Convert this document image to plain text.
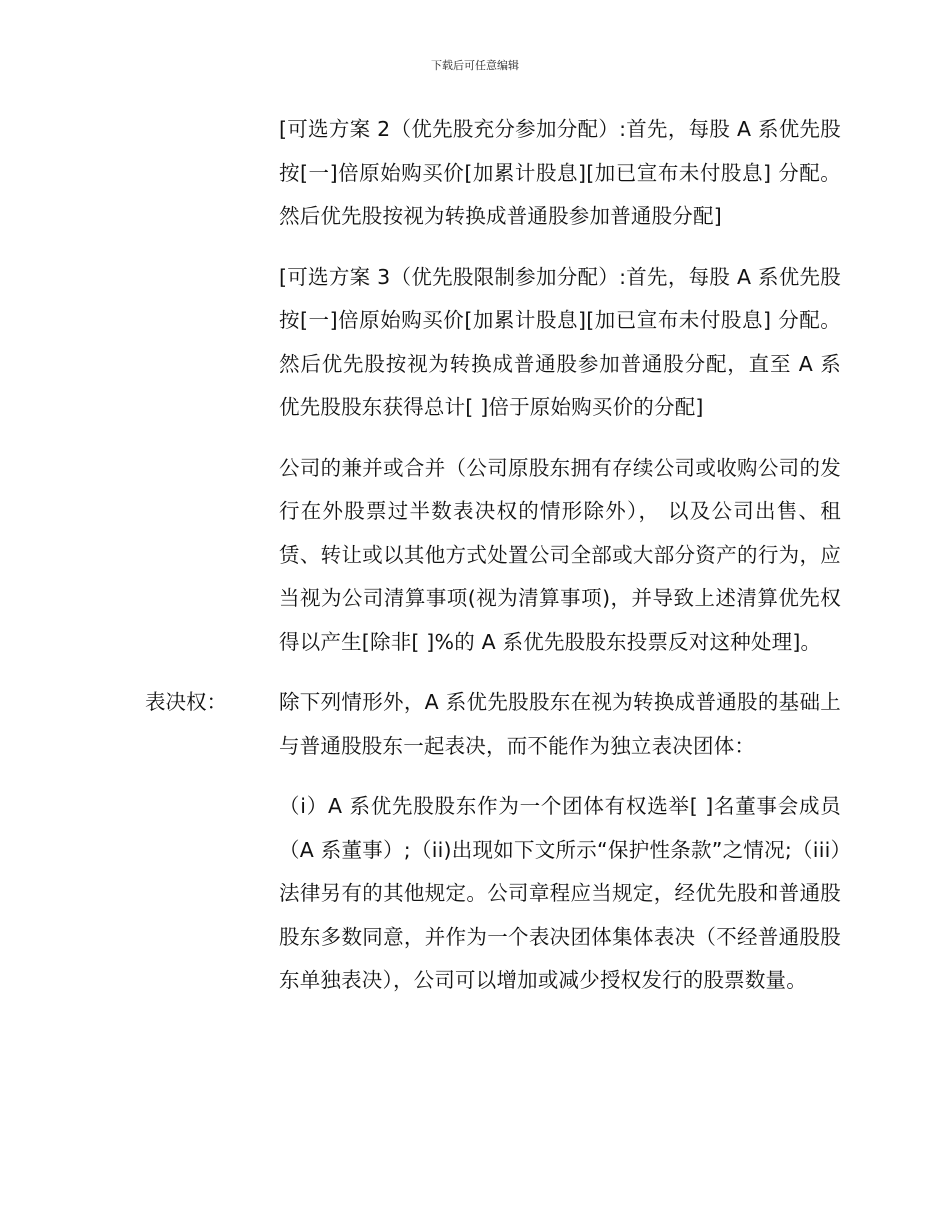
下载后可任意编辑
[可选方案 2（优先股充分参加分配）:首先，每股 A 系优先股按[一]倍原始购买价[加累计股息][加已宣布未付股息] 分配。然后优先股按视为转换成普通股参加普通股分配]
[可选方案 3（优先股限制参加分配）:首先，每股 A 系优先股按[一]倍原始购买价[加累计股息][加已宣布未付股息] 分配。然后优先股按视为转换成普通股参加普通股分配，直至 A 系优先股股东获得总计[ ]倍于原始购买价的分配]
公司的兼并或合并（公司原股东拥有存续公司或收购公司的发行在外股票过半数表决权的情形除外）， 以及公司出售、租赁、转让或以其他方式处置公司全部或大部分资产的行为，应当视为公司清算事项(视为清算事项)，并导致上述清算优先权得以产生[除非[ ]%的 A 系优先股股东投票反对这种处理]。
表决权：	除下列情形外，A 系优先股股东在视为转换成普通股的基础上与普通股股东一起表决，而不能作为独立表决团体：
（i）A 系优先股股东作为一个团体有权选举[ ]名董事会成员（A 系董事）;（ii)出现如下文所示“保护性条款”之情况;（iii）法律另有的其他规定。公司章程应当规定，经优先股和普通股股东多数同意，并作为一个表决团体集体表决（不经普通股股东单独表决），公司可以增加或减少授权发行的股票数量。
